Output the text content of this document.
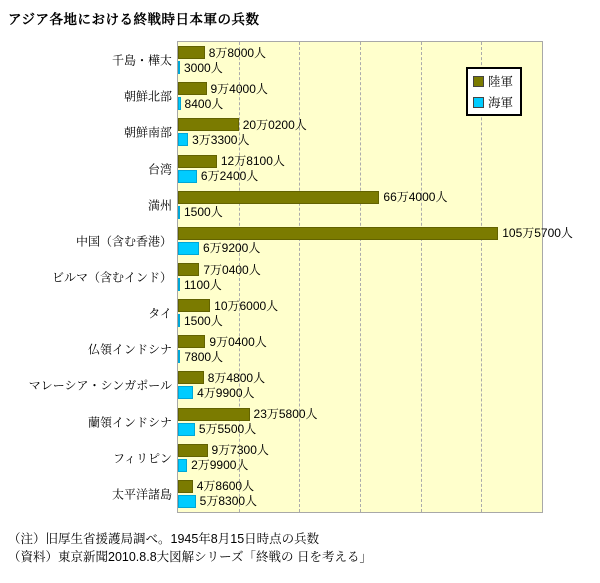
アジア各地における終戦時日本軍の兵数
千島・樺太
8万8000人
3000人
朝鮮北部
9万4000人
8400人
朝鮮南部
20万0200人
3万3300人
台湾
12万8100人
6万2400人
満州
66万4000人
1500人
中国（含む香港）
105万5700人
6万9200人
ビルマ（含むインド）
7万0400人
1100人
タイ
10万6000人
1500人
仏領インドシナ
9万0400人
7800人
マレーシア・シンガポール
8万4800人
4万9900人
蘭領インドシナ
23万5800人
5万5500人
フィリピン
9万7300人
2万9900人
太平洋諸島
4万8600人
5万8300人
陸軍
海軍
（注）旧厚生省援護局調べ。1945年8月15日時点の兵数
（資料）東京新聞2010.8.8大図解シリーズ「終戦の 日を考える」
